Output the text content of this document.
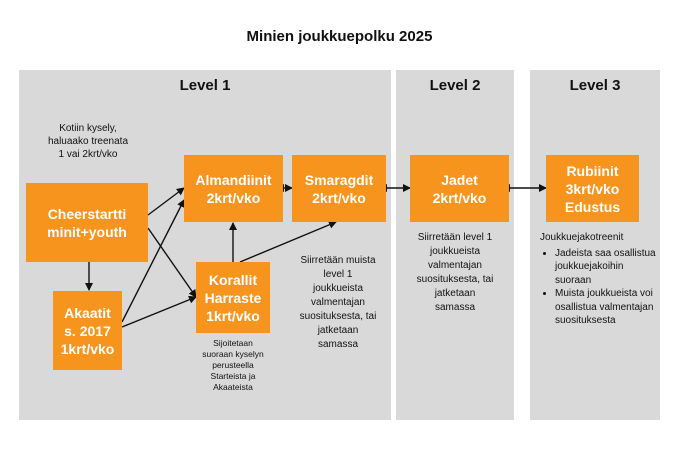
Minien joukkuepolku 2025
Level 1	Level 2	Level 3
Cheerstartti
minit+youth
Akaatit
s. 2017
1krt/vko
Almandiinit
2krt/vko
Korallit
Harraste
1krt/vko
Smaragdit
2krt/vko
Jadet
2krt/vko
Rubiinit
3krt/vko
Edustus
Kotiin kysely,
haluaako treenata
1 vai 2krt/vko
Siirretään muista
level 1
joukkueista
valmentajan
suosituksesta, tai
jatketaan
samassa
Sijoitetaan
suoraan kyselyn
perusteella
Starteista ja
Akaateista
Siirretään level 1
joukkueista
valmentajan
suosituksesta, tai
jatketaan
samassa
Joukkuejakotreenit
• Jadeista saa osallistua joukkuejakoihin suoraan
• Muista joukkueista voi osallistua valmentajan suosituksesta
